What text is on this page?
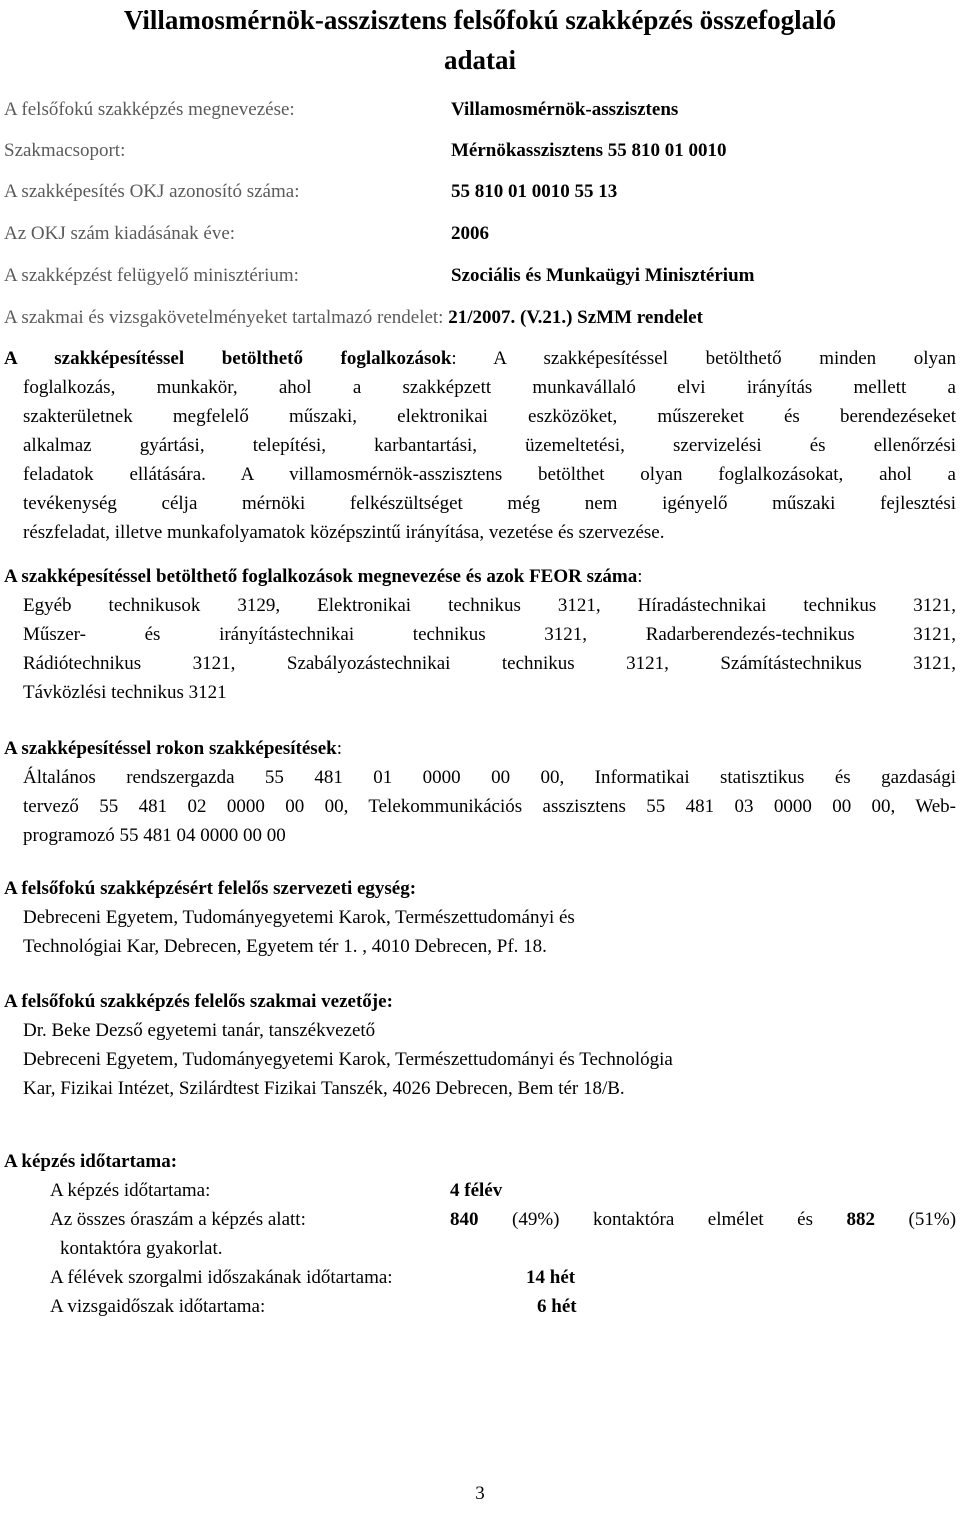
Villamosmérnök-asszisztens felsőfokú szakképzés összefoglaló
adatai
A felsőfokú szakképzés megnevezése:	Villamosmérnök-asszisztens
Szakmacsoport:	Mérnökasszisztens 55 810 01 0010
A szakképesítés OKJ azonosító száma:	55 810 01 0010 55 13
Az OKJ szám kiadásának éve:	2006
A szakképzést felügyelő minisztérium:	Szociális és Munkaügyi Minisztérium
A szakmai és vizsgakövetelményeket tartalmazó rendelet: 21/2007. (V.21.) SzMM rendelet
A szakképesítéssel betölthető foglalkozások: A szakképesítéssel betölthető minden olyan
foglalkozás, munkakör, ahol a szakképzett munkavállaló elvi irányítás mellett a
szakterületnek megfelelő műszaki, elektronikai eszközöket, műszereket és berendezéseket
alkalmaz gyártási, telepítési, karbantartási, üzemeltetési, szervizelési és ellenőrzési
feladatok ellátására. A villamosmérnök-asszisztens betölthet olyan foglalkozásokat, ahol a
tevékenység célja mérnöki felkészültséget még nem igényelő műszaki fejlesztési
részfeladat, illetve munkafolyamatok középszintű irányítása, vezetése és szervezése.
A szakképesítéssel betölthető foglalkozások megnevezése és azok FEOR száma:
Egyéb technikusok 3129, Elektronikai technikus 3121, Híradástechnikai technikus 3121,
Műszer- és irányítástechnikai technikus 3121, Radarberendezés-technikus 3121,
Rádiótechnikus 3121, Szabályozástechnikai technikus 3121, Számítástechnikus 3121,
Távközlési technikus 3121
A szakképesítéssel rokon szakképesítések:
Általános rendszergazda 55 481 01 0000 00 00, Informatikai statisztikus és gazdasági
tervező 55 481 02 0000 00 00, Telekommunikációs asszisztens 55 481 03 0000 00 00, Web-
programozó 55 481 04 0000 00 00
A felsőfokú szakképzésért felelős szervezeti egység:
Debreceni Egyetem, Tudományegyetemi Karok, Természettudományi és
Technológiai Kar, Debrecen, Egyetem tér 1. , 4010 Debrecen, Pf. 18.
A felsőfokú szakképzés felelős szakmai vezetője:
Dr. Beke Dezső egyetemi tanár, tanszékvezető
Debreceni Egyetem, Tudományegyetemi Karok, Természettudományi és Technológia
Kar, Fizikai Intézet, Szilárdtest Fizikai Tanszék, 4026 Debrecen, Bem tér 18/B.
A képzés időtartama:
A képzés időtartama:	4 félév
Az összes óraszám a képzés alatt:	840 (49%) kontaktóra elmélet és 882 (51%)
kontaktóra gyakorlat.
A félévek szorgalmi időszakának időtartama:	14 hét
A vizsgaidőszak időtartama:	6 hét
3
